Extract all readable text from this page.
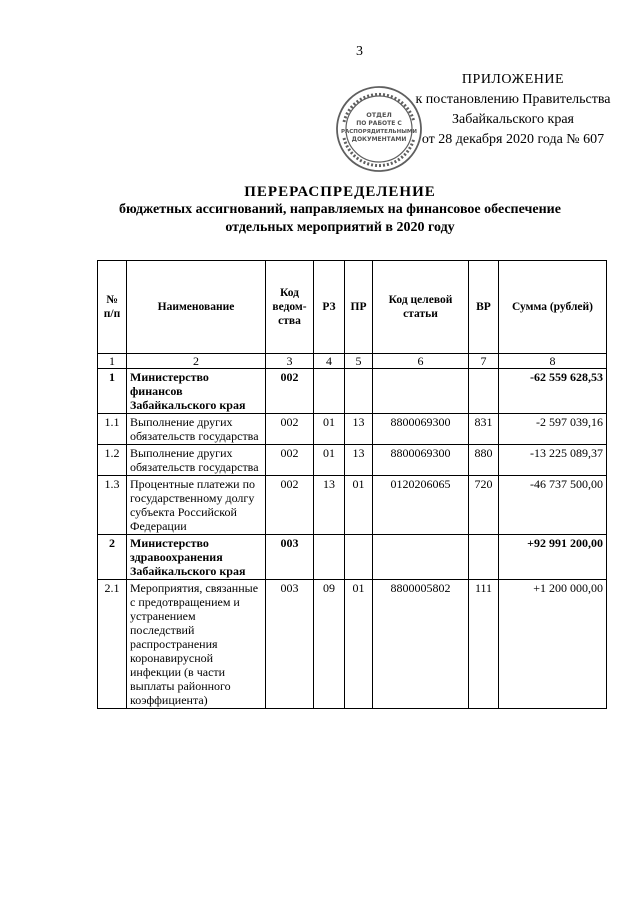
3
ПРИЛОЖЕНИЕ
к постановлению Правительства
Забайкальского края
от 28 декабря 2020 года № 607
ОТДЕЛ
ПО РАБОТЕ С
РАСПОРЯДИТЕЛЬНЫМИ
ДОКУМЕНТАМИ
ПЕРЕРАСПРЕДЕЛЕНИЕ
бюджетных ассигнований, направляемых на финансовое обеспечение
отдельных мероприятий в 2020 году
№ п/п	Наименование	Код ведом-ства	РЗ	ПР	Код целевой статьи	ВР	Сумма (рублей)
1	2	3	4	5	6	7	8
1	Министерство финансов Забайкальского края	002					-62 559 628,53
1.1	Выполнение других обязательств государства	002	01	13	8800069300	831	-2 597 039,16
1.2	Выполнение других обязательств государства	002	01	13	8800069300	880	-13 225 089,37
1.3	Процентные платежи по государственному долгу субъекта Российской Федерации	002	13	01	0120206065	720	-46 737 500,00
2	Министерство здравоохранения Забайкальского края	003					+92 991 200,00
2.1	Мероприятия, связанные с предотвращением и устранением последствий распространения коронавирусной инфекции (в части выплаты районного коэффициента)	003	09	01	8800005802	111	+1 200 000,00
